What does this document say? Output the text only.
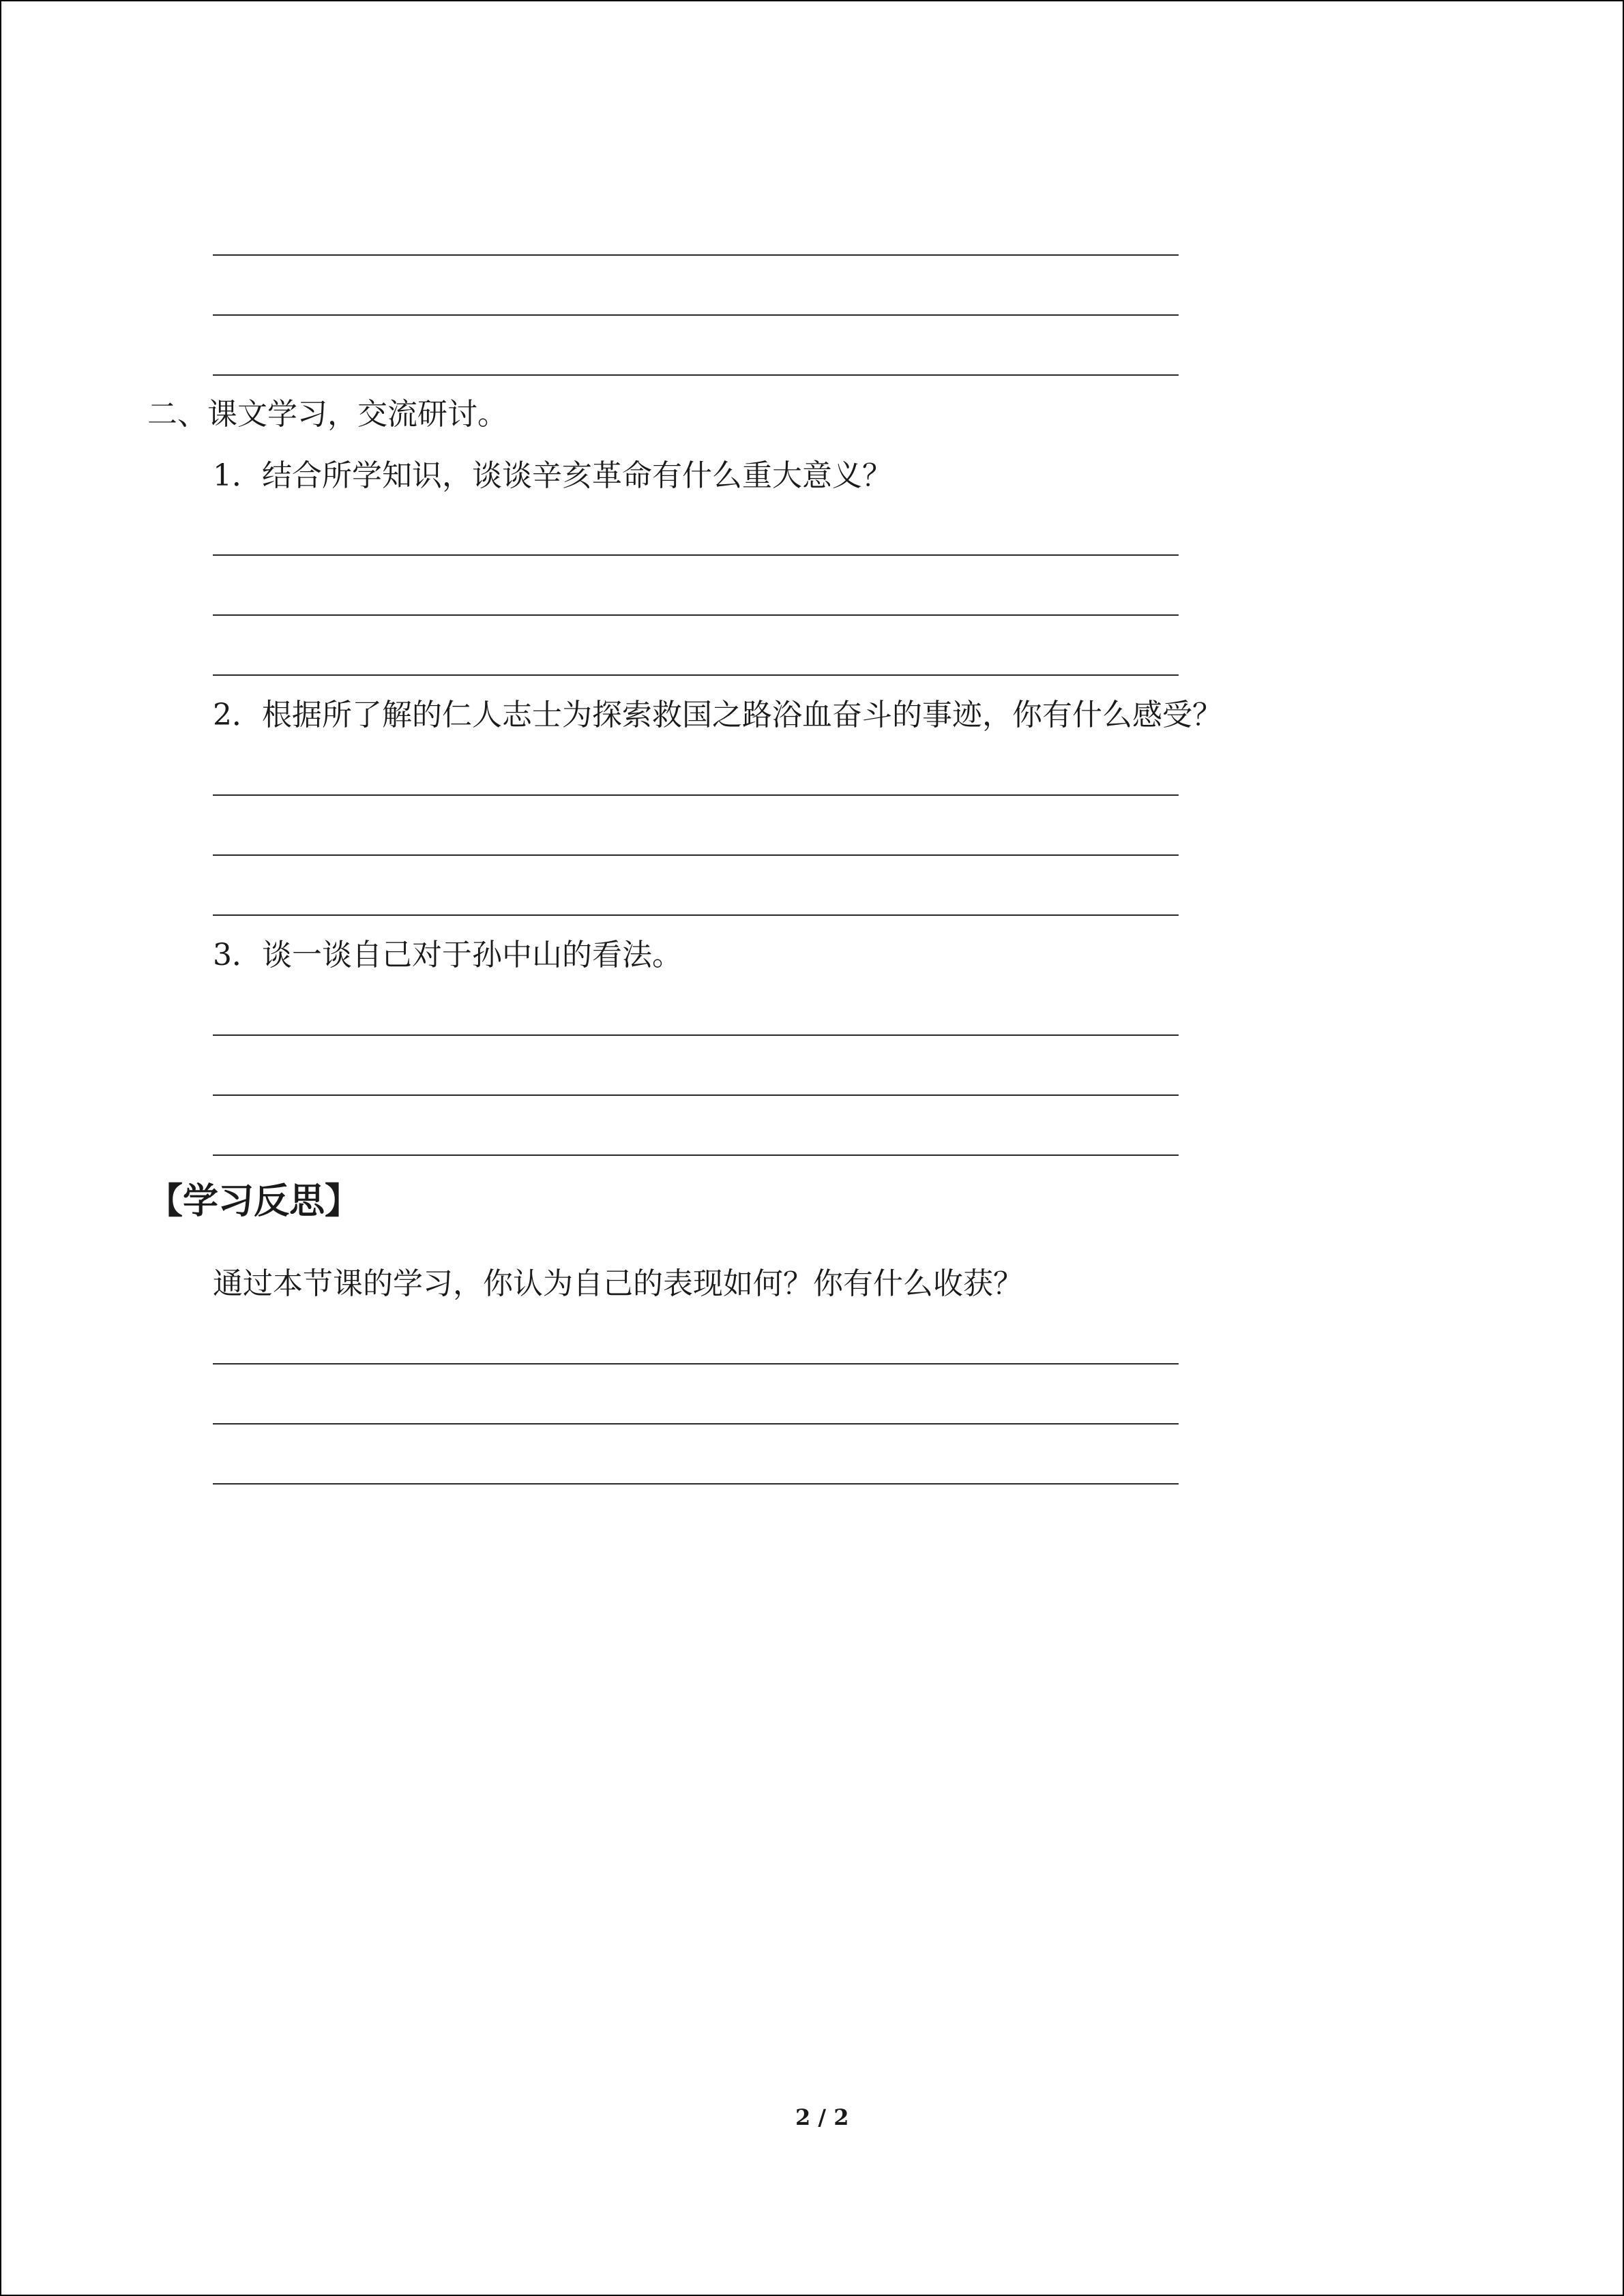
二、课文学习，交流研讨。
1．结合所学知识，谈谈辛亥革命有什么重大意义？
2．根据所了解的仁人志士为探索救国之路浴血奋斗的事迹，你有什么感受？
3．谈一谈自己对于孙中山的看法。
【学习反思】
通过本节课的学习，你认为自己的表现如何？你有什么收获？
2 / 2
